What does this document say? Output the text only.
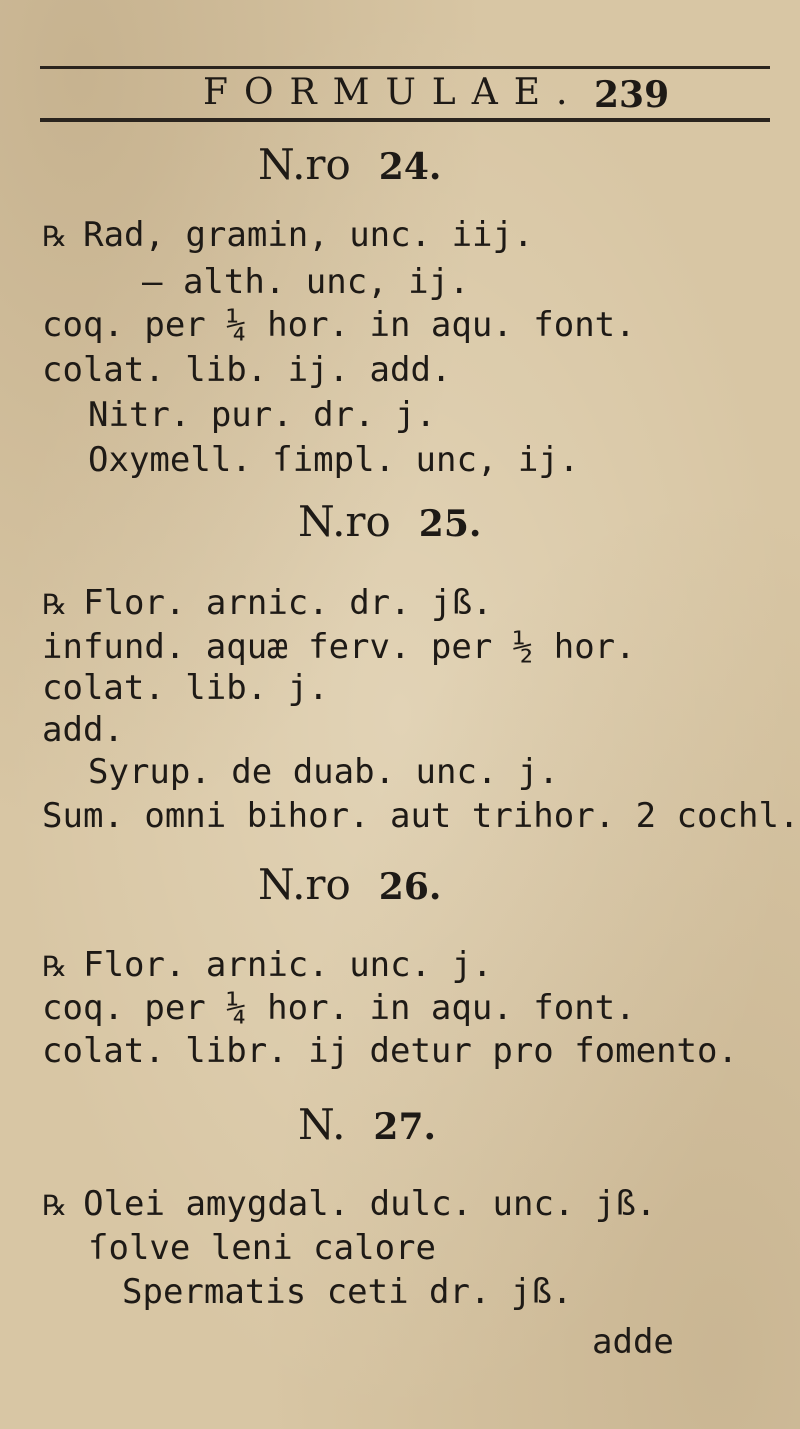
FORMULAE. 239
N.ro 24.
℞ Rad, gramin, unc. iij.
— alth. unc, ij.
coq. per ¼ hor. in aqu. font.
colat. lib. ij. add.
Nitr. pur. dr. j.
Oxymell. ſimpl. unc, ij.
N.ro 25.
℞ Flor. arnic. dr. jß.
infund. aquæ ferv. per ½ hor.
colat. lib. j.
add.
Syrup. de duab. unc. j.
Sum. omni bihor. aut trihor. 2 cochl.
N.ro 26.
℞ Flor. arnic. unc. j.
coq. per ¼ hor. in aqu. font.
colat. libr. ij detur pro fomento.
N. 27.
℞ Olei amygdal. dulc. unc. jß.
ſolve leni calore
Spermatis ceti dr. jß.
adde
